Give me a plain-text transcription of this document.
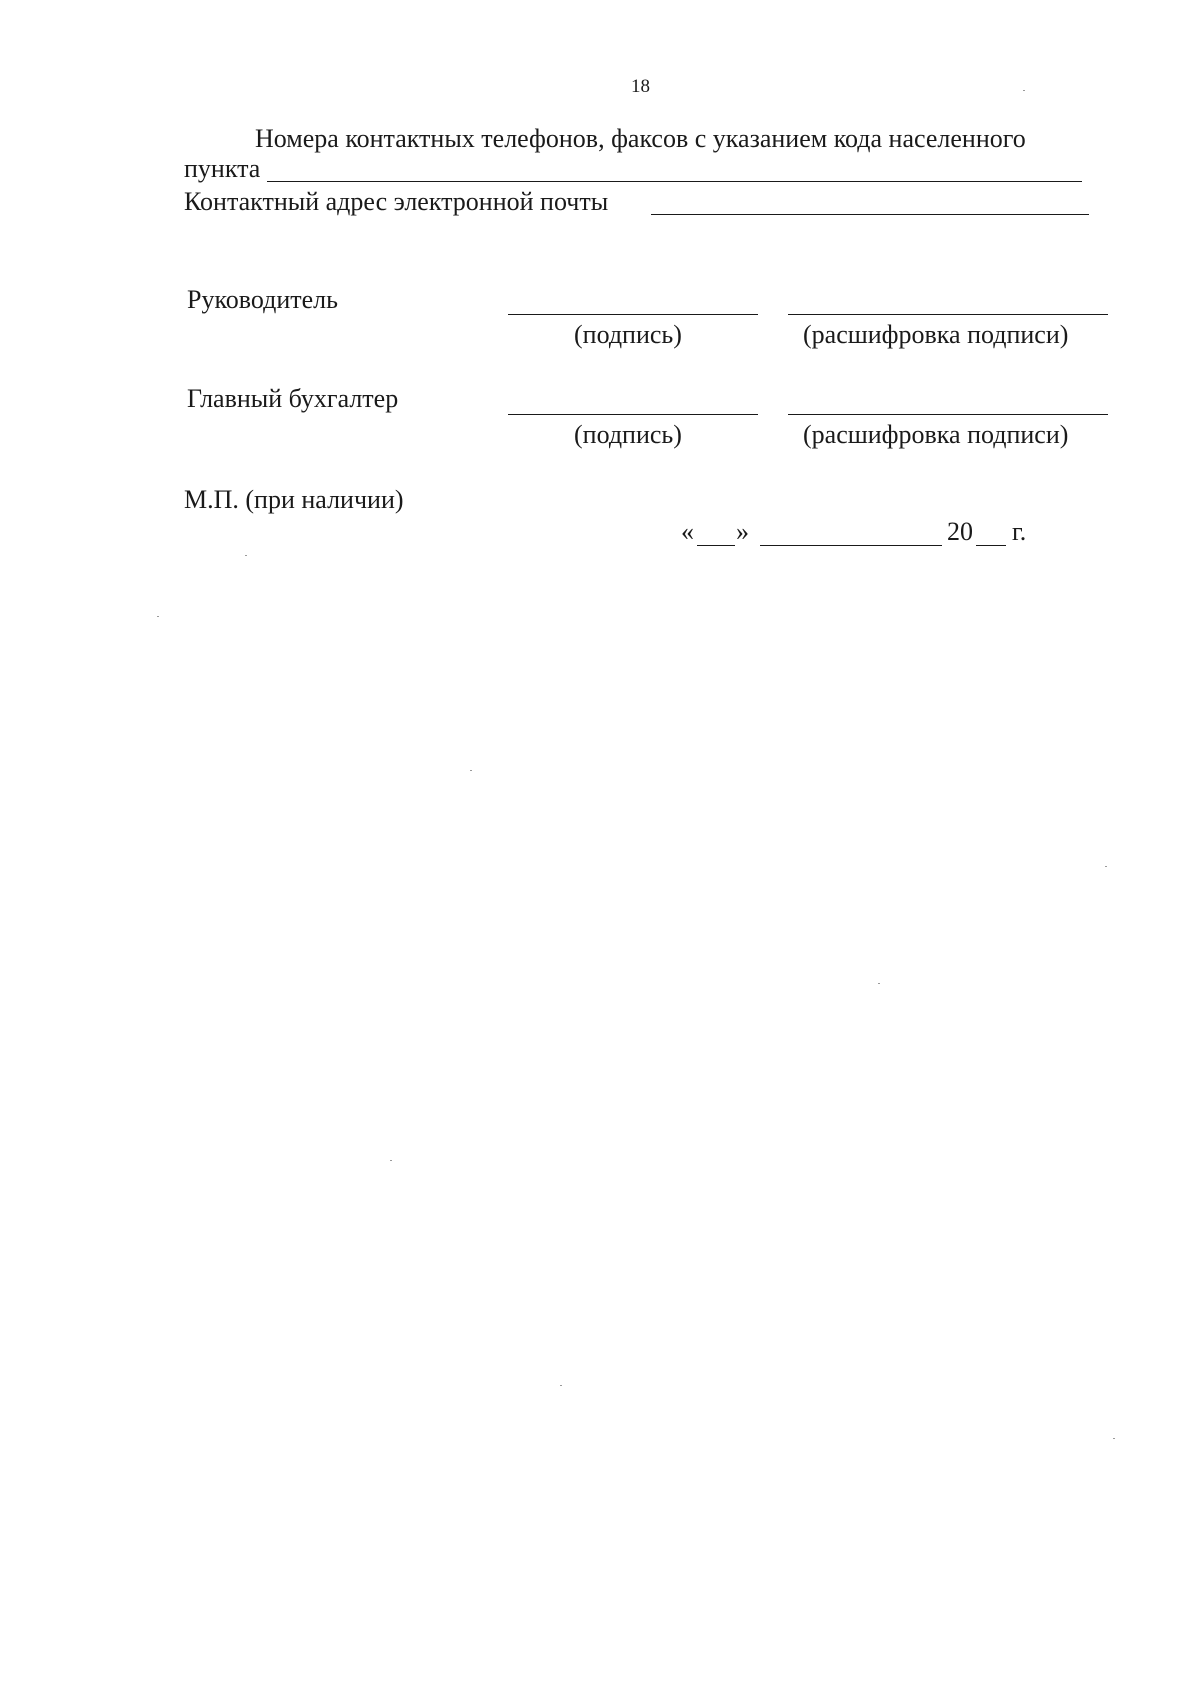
18
Номера контактных телефонов, факсов с указанием кода населенного
пункта
Контактный адрес электронной почты
Руководитель
(подпись)	(расшифровка подписи)
Главный бухгалтер
(подпись)	(расшифровка подписи)
М.П. (при наличии)
« »	20 г.
